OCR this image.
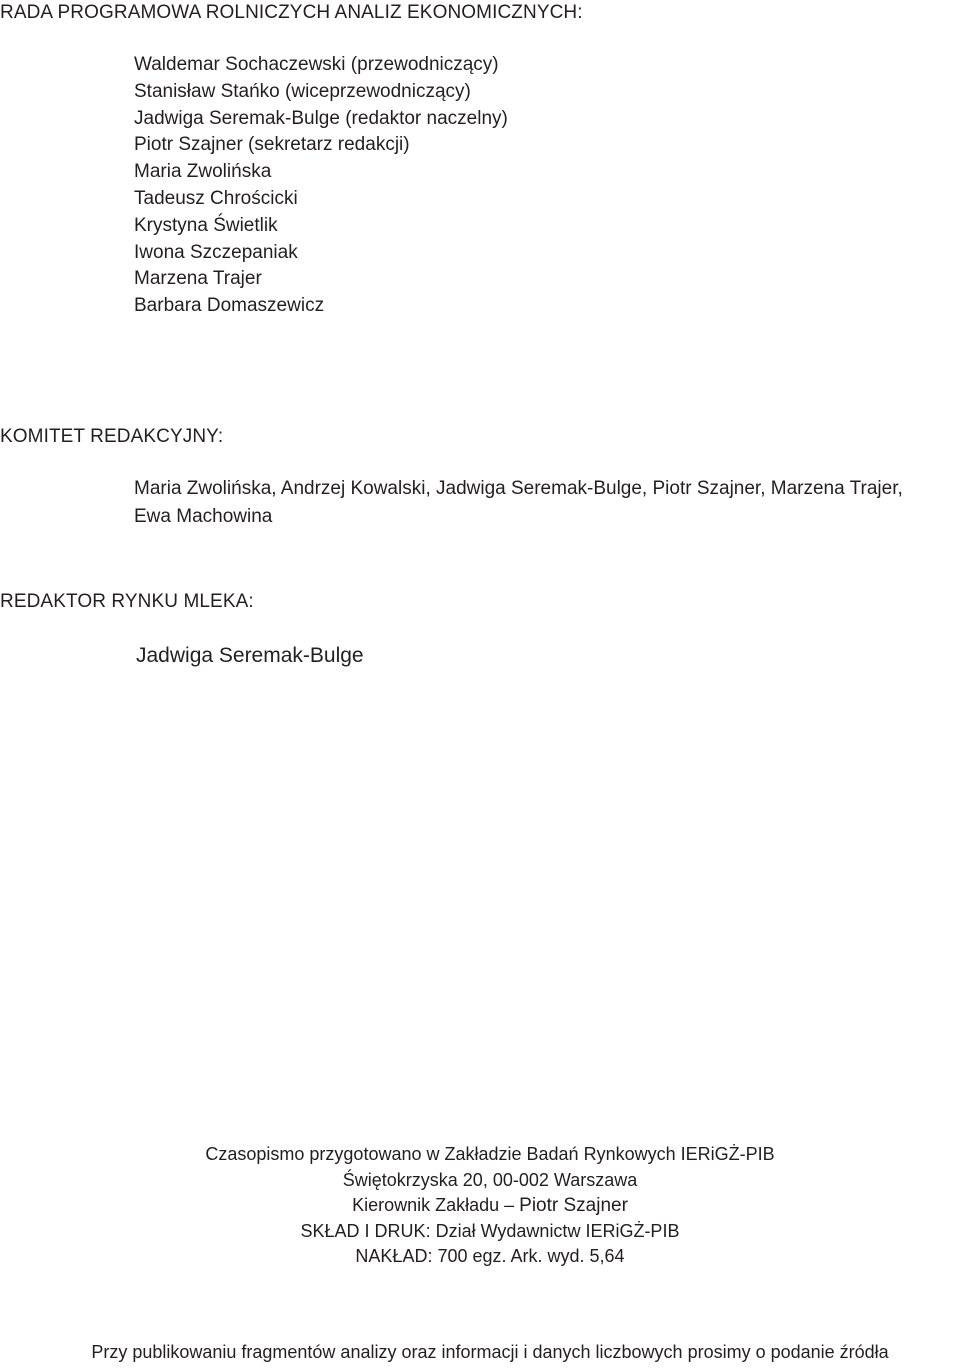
RADA PROGRAMOWA ROLNICZYCH ANALIZ EKONOMICZNYCH:
Waldemar Sochaczewski (przewodniczący)
Stanisław Stańko (wiceprzewodniczący)
Jadwiga Seremak-Bulge (redaktor naczelny)
Piotr Szajner (sekretarz redakcji)
Maria Zwolińska
Tadeusz Chrościcki
Krystyna Świetlik
Iwona Szczepaniak
Marzena Trajer
Barbara Domaszewicz
KOMITET REDAKCYJNY:
Maria Zwolińska, Andrzej Kowalski, Jadwiga Seremak-Bulge, Piotr Szajner, Marzena Trajer,
Ewa Machowina
REDAKTOR RYNKU MLEKA:
Jadwiga Seremak-Bulge
Czasopismo przygotowano w Zakładzie Badań Rynkowych IERiGŻ-PIB
Świętokrzyska 20, 00-002 Warszawa
Kierownik Zakładu – Piotr Szajner
SKŁAD I DRUK: Dział Wydawnictw IERiGŻ-PIB
NAKŁAD: 700 egz. Ark. wyd. 5,64
Przy publikowaniu fragmentów analizy oraz informacji i danych liczbowych prosimy o podanie źródła
